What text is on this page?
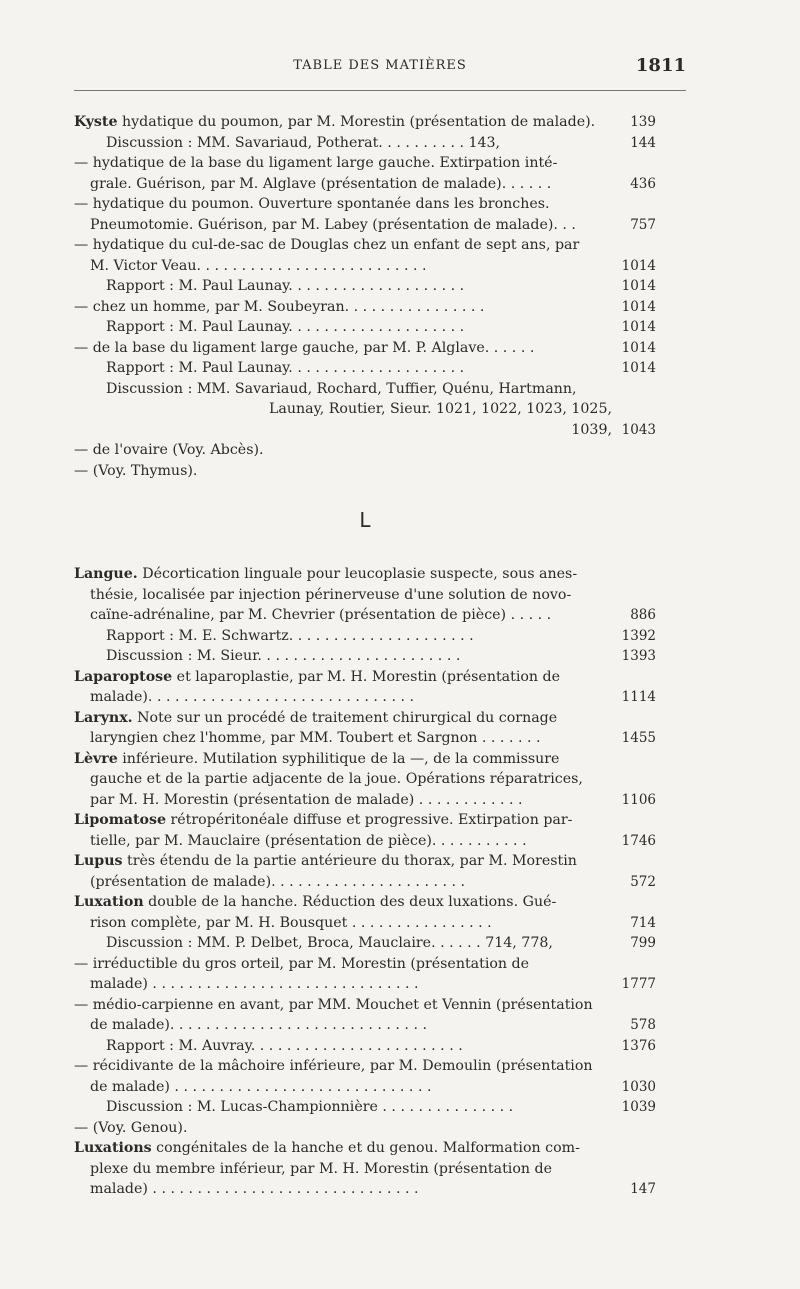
TABLE DES MATIÈRES	1811
Kyste hydatique du poumon, par M. Morestin (présentation de malade).	139
Discussion : MM. Savariaud, Potherat. . . . . . . . . . 143,	144
— hydatique de la base du ligament large gauche. Extirpation inté-
grale. Guérison, par M. Alglave (présentation de malade). . . . . .	436
— hydatique du poumon. Ouverture spontanée dans les bronches.
Pneumotomie. Guérison, par M. Labey (présentation de malade). . .	757
— hydatique du cul-de-sac de Douglas chez un enfant de sept ans, par
M. Victor Veau. . . . . . . . . . . . . . . . . . . . . . . . . .	1014
Rapport : M. Paul Launay. . . . . . . . . . . . . . . . . . . .	1014
— chez un homme, par M. Soubeyran. . . . . . . . . . . . . . . .	1014
Rapport : M. Paul Launay. . . . . . . . . . . . . . . . . . . .	1014
— de la base du ligament large gauche, par M. P. Alglave. . . . . .	1014
Rapport : M. Paul Launay. . . . . . . . . . . . . . . . . . . .	1014
Discussion : MM. Savariaud, Rochard, Tuffier, Quénu, Hartmann,
Launay, Routier, Sieur. 1021, 1022, 1023, 1025,
1039, 1043
— de l'ovaire (Voy. Abcès).
— (Voy. Thymus).
L
Langue. Décortication linguale pour leucoplasie suspecte, sous anes-
thésie, localisée par injection périnerveuse d'une solution de novo-
caïne-adrénaline, par M. Chevrier (présentation de pièce) . . . . .	886
Rapport : M. E. Schwartz. . . . . . . . . . . . . . . . . . . . .	1392
Discussion : M. Sieur. . . . . . . . . . . . . . . . . . . . . . .	1393
Laparoptose et laparoplastie, par M. H. Morestin (présentation de
malade). . . . . . . . . . . . . . . . . . . . . . . . . . . . . .	1114
Larynx. Note sur un procédé de traitement chirurgical du cornage
laryngien chez l'homme, par MM. Toubert et Sargnon . . . . . . .	1455
Lèvre inférieure. Mutilation syphilitique de la —, de la commissure
gauche et de la partie adjacente de la joue. Opérations réparatrices,
par M. H. Morestin (présentation de malade) . . . . . . . . . . . .	1106
Lipomatose rétropéritonéale diffuse et progressive. Extirpation par-
tielle, par M. Mauclaire (présentation de pièce). . . . . . . . . . .	1746
Lupus très étendu de la partie antérieure du thorax, par M. Morestin
(présentation de malade). . . . . . . . . . . . . . . . . . . . . .	572
Luxation double de la hanche. Réduction des deux luxations. Gué-
rison complète, par M. H. Bousquet . . . . . . . . . . . . . . . .	714
Discussion : MM. P. Delbet, Broca, Mauclaire. . . . . . 714, 778,	799
— irréductible du gros orteil, par M. Morestin (présentation de
malade) . . . . . . . . . . . . . . . . . . . . . . . . . . . . . .	1777
— médio-carpienne en avant, par MM. Mouchet et Vennin (présentation
de malade). . . . . . . . . . . . . . . . . . . . . . . . . . . . .	578
Rapport : M. Auvray. . . . . . . . . . . . . . . . . . . . . . . .	1376
— récidivante de la mâchoire inférieure, par M. Demoulin (présentation
de malade) . . . . . . . . . . . . . . . . . . . . . . . . . . . . .	1030
Discussion : M. Lucas-Championnière . . . . . . . . . . . . . . .	1039
— (Voy. Genou).
Luxations congénitales de la hanche et du genou. Malformation com-
plexe du membre inférieur, par M. H. Morestin (présentation de
malade) . . . . . . . . . . . . . . . . . . . . . . . . . . . . . .	147
